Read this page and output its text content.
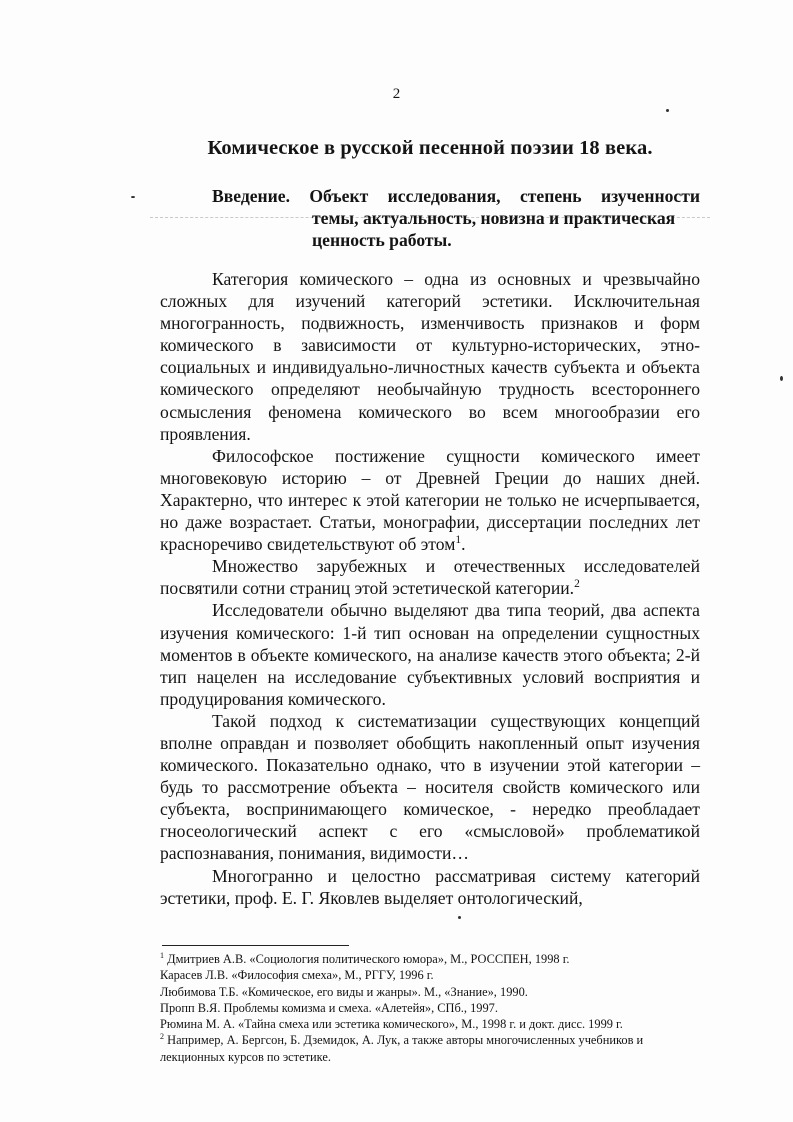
2
Комическое в русской песенной поэзии 18 века.
Введение. Объект исследования, степень изученности
темы, актуальность, новизна и практическая
ценность работы.

Категория комического – одна из основных и чрезвычайно сложных для изучений категорий эстетики. Исключительная многогранность, подвижность, изменчивость признаков и форм комического в зависимости от культурно-исторических, этно-социальных и индивидуально-личностных качеств субъекта и объекта комического определяют необычайную трудность всестороннего осмысления феномена комического во всем многообразии его проявления.

Философское постижение сущности комического имеет многовековую историю – от Древней Греции до наших дней. Характерно, что интерес к этой категории не только не исчерпывается, но даже возрастает. Статьи, монографии, диссертации последних лет красноречиво свидетельствуют об этом$^1$.

Множество зарубежных и отечественных исследователей посвятили сотни страниц этой эстетической категории.$^2$

Исследователи обычно выделяют два типа теорий, два аспекта изучения комического: 1-й тип основан на определении сущностных моментов в объекте комического, на анализе качеств этого объекта; 2-й тип нацелен на исследование субъективных условий восприятия и продуцирования комического.

Такой подход к систематизации существующих концепций вполне оправдан и позволяет обобщить накопленный опыт изучения комического. Показательно однако, что в изучении этой категории – будь то рассмотрение объекта – носителя свойств комического или субъекта, воспринимающего комическое, - нередко преобладает гносеологический аспект с его «смысловой» проблематикой распознавания, понимания, видимости…

Многогранно и целостно рассматривая систему категорий эстетики, проф. Е. Г. Яковлев выделяет онтологический,

$^1$ Дмитриев А.В. «Социология политического юмора», М., РОССПЕН, 1998 г.
Карасев Л.В. «Философия смеха», М., РГГУ, 1996 г.
Любимова Т.Б. «Комическое, его виды и жанры». М., «Знание», 1990.
Пропп В.Я. Проблемы комизма и смеха. «Алетейя», СПб., 1997.
Рюмина М. А. «Тайна смеха или эстетика комического», М., 1998 г. и докт. дисс. 1999 г.
$^2$ Например, А. Бергсон, Б. Дземидок, А. Лук, а также авторы многочисленных учебников и
лекционных курсов по эстетике.
